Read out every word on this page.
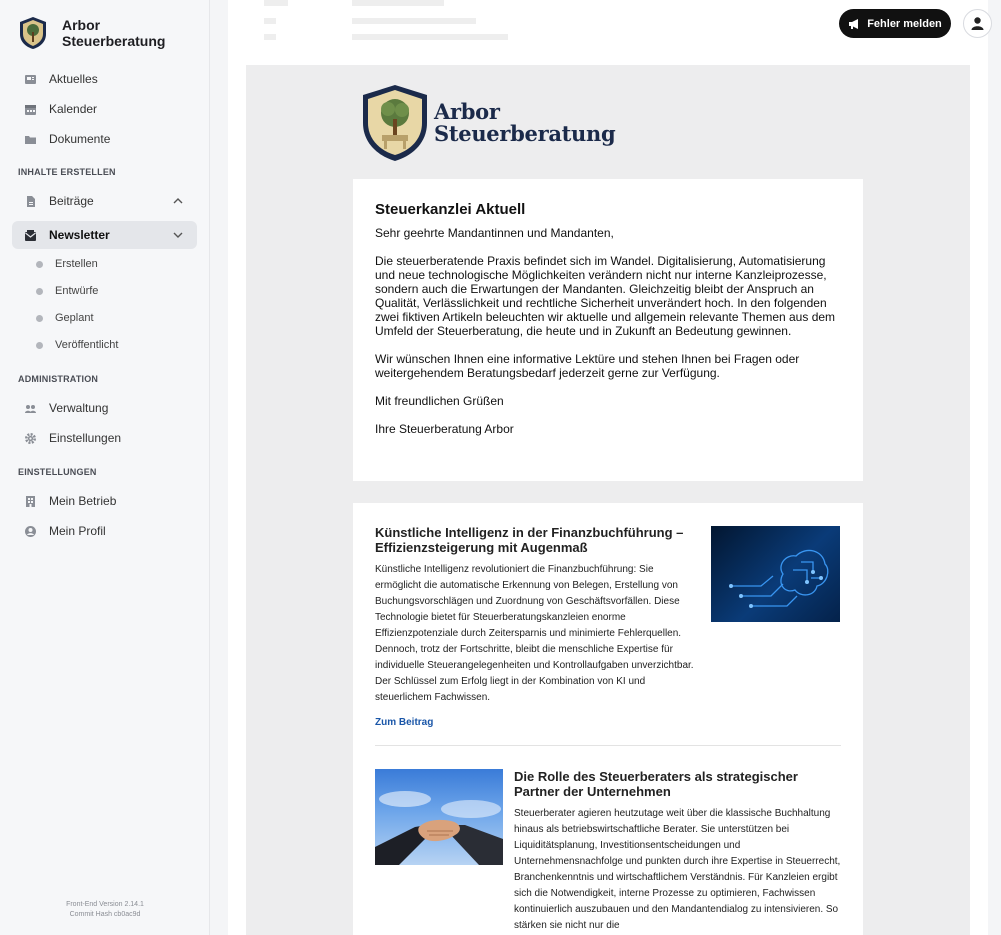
Arbor
Steuerberatung
Aktuelles
Kalender
Dokumente
INHALTE ERSTELLEN
Beiträge
Newsletter
Erstellen
Entwürfe
Geplant
Veröffentlicht
ADMINISTRATION
Verwaltung
Einstellungen
EINSTELLUNGEN
Mein Betrieb
Mein Profil
Front-End Version 2.14.1
Commit Hash cb0ac9d
Fehler melden
Arbor
Steuerberatung
Steuerkanzlei Aktuell

Sehr geehrte Mandantinnen und Mandanten,

Die steuerberatende Praxis befindet sich im Wandel. Digitalisierung, Automatisierung und neue technologische Möglichkeiten verändern nicht nur interne Kanzleiprozesse, sondern auch die Erwartungen der Mandanten. Gleichzeitig bleibt der Anspruch an Qualität, Verlässlichkeit und rechtliche Sicherheit unverändert hoch. In den folgenden zwei fiktiven Artikeln beleuchten wir aktuelle und allgemein relevante Themen aus dem Umfeld der Steuerberatung, die heute und in Zukunft an Bedeutung gewinnen.

Wir wünschen Ihnen eine informative Lektüre und stehen Ihnen bei Fragen oder weitergehendem Beratungsbedarf jederzeit gerne zur Verfügung.

Mit freundlichen Grüßen

Ihre Steuerberatung Arbor

Künstliche Intelligenz in der Finanzbuchführung – Effizienzsteigerung mit Augenmaß
Künstliche Intelligenz revolutioniert die Finanzbuchführung: Sie ermöglicht die automatische Erkennung von Belegen, Erstellung von Buchungsvorschlägen und Zuordnung von Geschäftsvorfällen. Diese Technologie bietet für Steuerberatungskanzleien enorme Effizienzpotenziale durch Zeitersparnis und minimierte Fehlerquellen. Dennoch, trotz der Fortschritte, bleibt die menschliche Expertise für individuelle Steuerangelegenheiten und Kontrollaufgaben unverzichtbar. Der Schlüssel zum Erfolg liegt in der Kombination von KI und steuerlichem Fachwissen.
Zum Beitrag
Die Rolle des Steuerberaters als strategischer Partner der Unternehmen
Steuerberater agieren heutzutage weit über die klassische Buchhaltung hinaus als betriebswirtschaftliche Berater. Sie unterstützen bei Liquiditätsplanung, Investitionsentscheidungen und Unternehmensnachfolge und punkten durch ihre Expertise in Steuerrecht, Branchenkenntnis und wirtschaftlichem Verständnis. Für Kanzleien ergibt sich die Notwendigkeit, interne Prozesse zu optimieren, Fachwissen kontinuierlich auszubauen und den Mandantendialog zu intensivieren. So stärken sie nicht nur die
